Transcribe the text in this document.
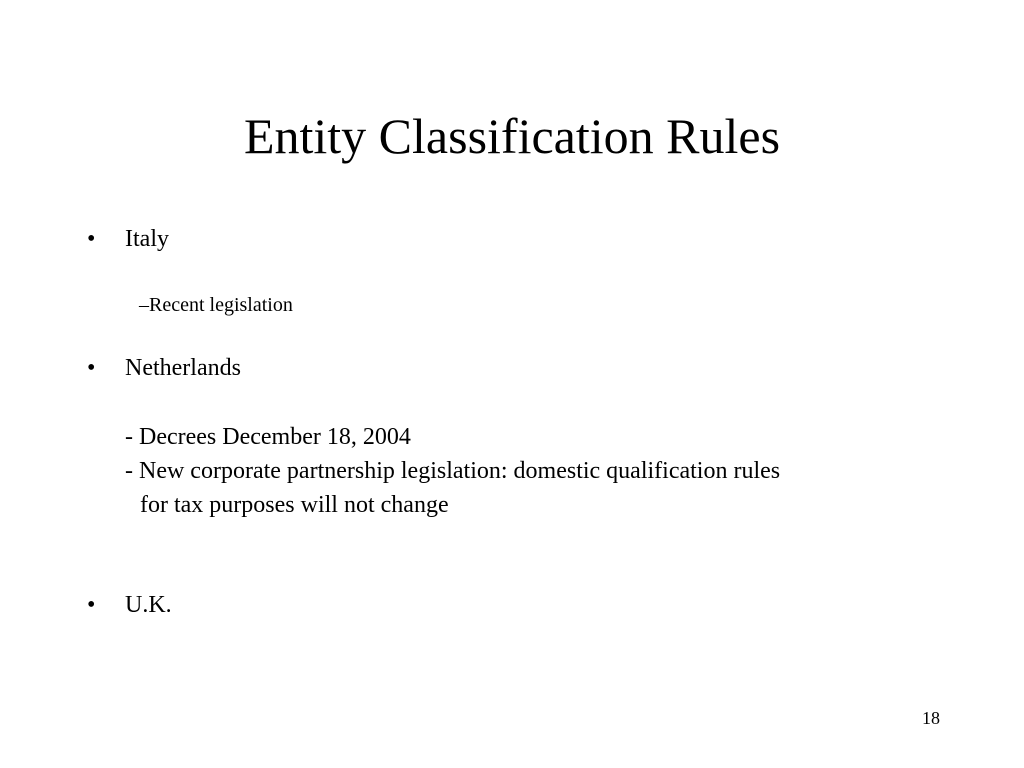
Entity Classification Rules
• Italy
–Recent legislation
• Netherlands
- Decrees December 18, 2004
- New corporate partnership legislation: domestic qualification rules
for tax purposes will not change
• U.K.
18
